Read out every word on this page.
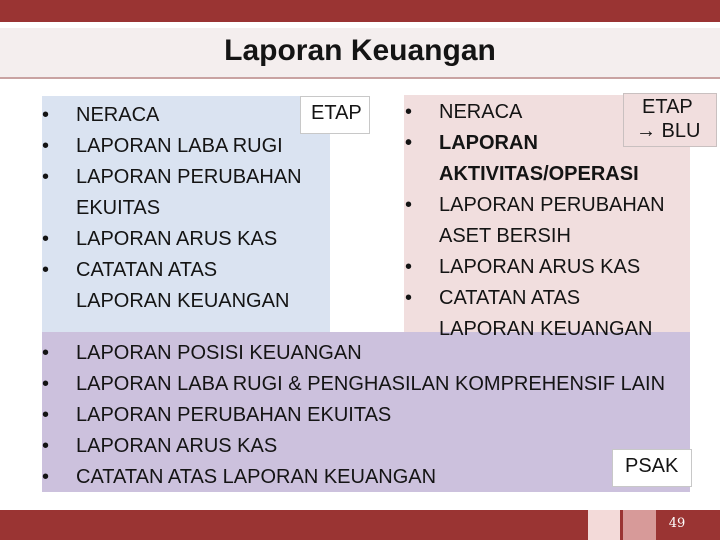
Laporan Keuangan
• NERACA
• LAPORAN LABA RUGI
• LAPORAN PERUBAHAN
EKUITAS
• LAPORAN ARUS KAS
• CATATAN ATAS
LAPORAN KEUANGAN
• NERACA
• LAPORAN
AKTIVITAS/OPERASI
• LAPORAN PERUBAHAN
ASET BERSIH
• LAPORAN ARUS KAS
• CATATAN ATAS
LAPORAN KEUANGAN
• LAPORAN POSISI KEUANGAN
• LAPORAN LABA RUGI & PENGHASILAN KOMPREHENSIF LAIN
• LAPORAN PERUBAHAN EKUITAS
• LAPORAN ARUS KAS
• CATATAN ATAS LAPORAN KEUANGAN
ETAP	ETAP
→ BLU
PSAK
49
